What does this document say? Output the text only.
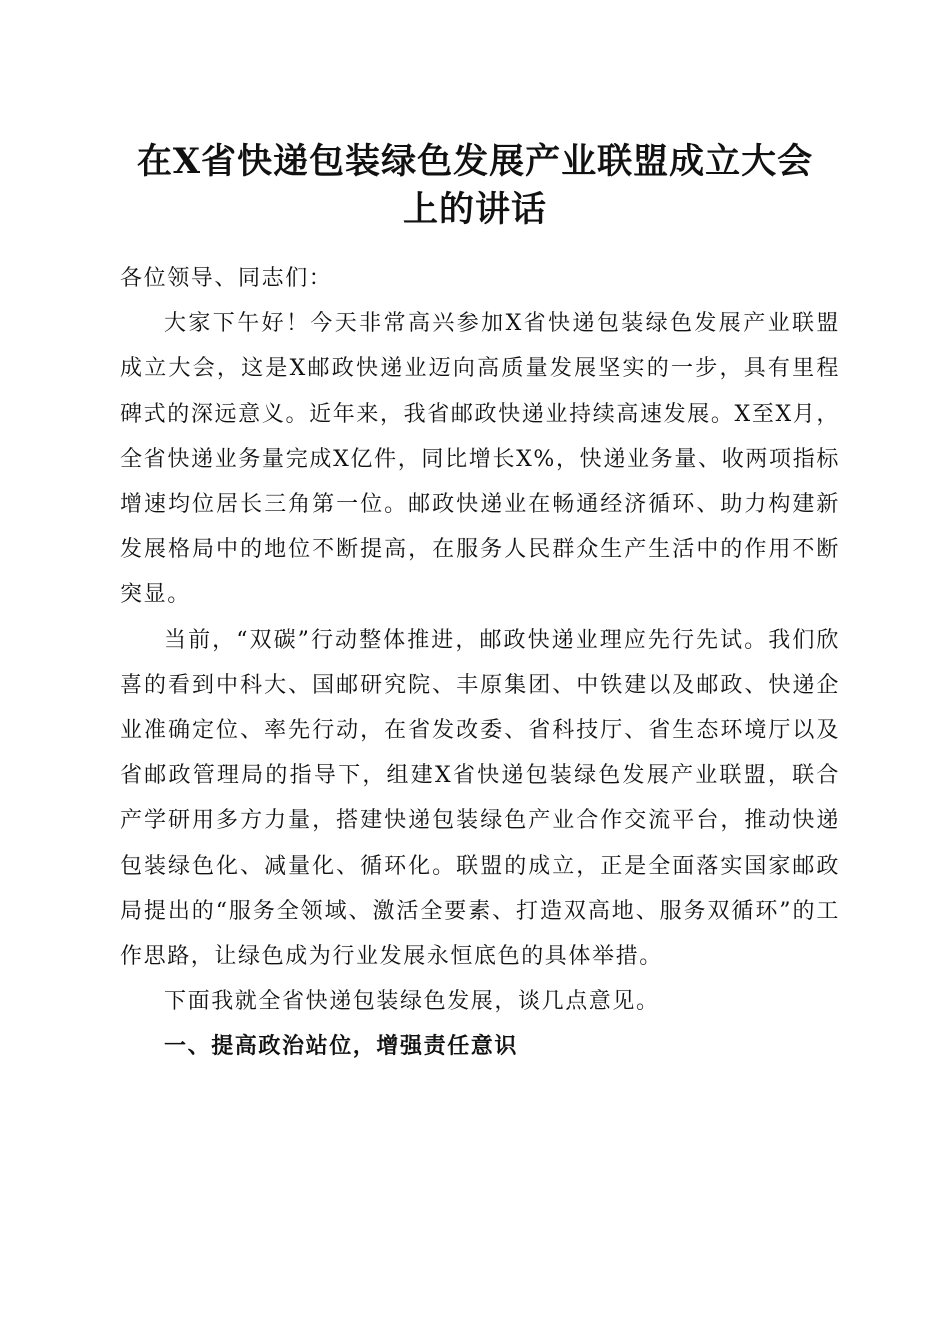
在X省快递包装绿色发展产业联盟成立大会
上的讲话

各位领导、同志们：

大家下午好！今天非常高兴参加X省快递包装绿色发展产业联盟成立大会，这是X邮政快递业迈向高质量发展坚实的一步，具有里程碑式的深远意义。近年来，我省邮政快递业持续高速发展。X至X月，全省快递业务量完成X亿件，同比增长X%，快递业务量、收两项指标增速均位居长三角第一位。邮政快递业在畅通经济循环、助力构建新发展格局中的地位不断提高，在服务人民群众生产生活中的作用不断突显。

当前，“双碳”行动整体推进，邮政快递业理应先行先试。我们欣喜的看到中科大、国邮研究院、丰原集团、中铁建以及邮政、快递企业准确定位、率先行动，在省发改委、省科技厅、省生态环境厅以及省邮政管理局的指导下，组建X省快递包装绿色发展产业联盟，联合产学研用多方力量，搭建快递包装绿色产业合作交流平台，推动快递包装绿色化、减量化、循环化。联盟的成立，正是全面落实国家邮政局提出的“服务全领域、激活全要素、打造双高地、服务双循环”的工作思路，让绿色成为行业发展永恒底色的具体举措。

下面我就全省快递包装绿色发展，谈几点意见。

一、提高政治站位，增强责任意识
